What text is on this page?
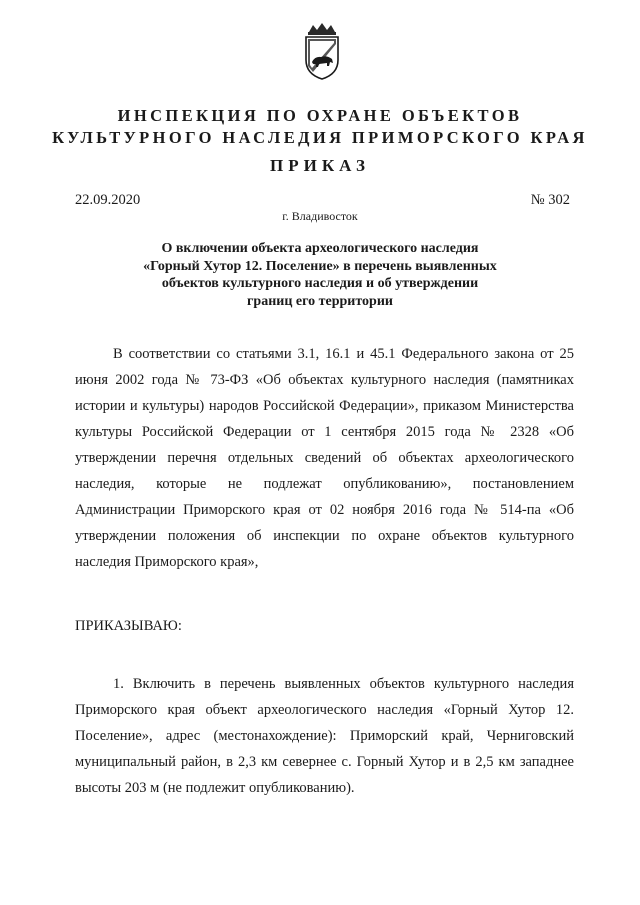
ИНСПЕКЦИЯ ПО ОХРАНЕ ОБЪЕКТОВ
КУЛЬТУРНОГО НАСЛЕДИЯ ПРИМОРСКОГО КРАЯ
ПРИКАЗ
22.09.2020	№ 302
г. Владивосток
О включении объекта археологического наследия
«Горный Хутор 12. Поселение» в перечень выявленных
объектов культурного наследия и об утверждении
границ его территории
В соответствии со статьями 3.1, 16.1 и 45.1 Федерального закона от 25 июня 2002 года № 73-ФЗ «Об объектах культурного наследия (памятниках истории и культуры) народов Российской Федерации», приказом Министерства культуры Российской Федерации от 1 сентября 2015 года № 2328 «Об утверждении перечня отдельных сведений об объектах археологического наследия, которые не подлежат опубликованию», постановлением Администрации Приморского края от 02 ноября 2016 года № 514-па «Об утверждении положения об инспекции по охране объектов культурного наследия Приморского края»,
ПРИКАЗЫВАЮ:
1. Включить в перечень выявленных объектов культурного наследия Приморского края объект археологического наследия «Горный Хутор 12. Поселение», адрес (местонахождение): Приморский край, Черниговский муниципальный район, в 2,3 км севернее с. Горный Хутор и в 2,5 км западнее высоты 203 м (не подлежит опубликованию).
